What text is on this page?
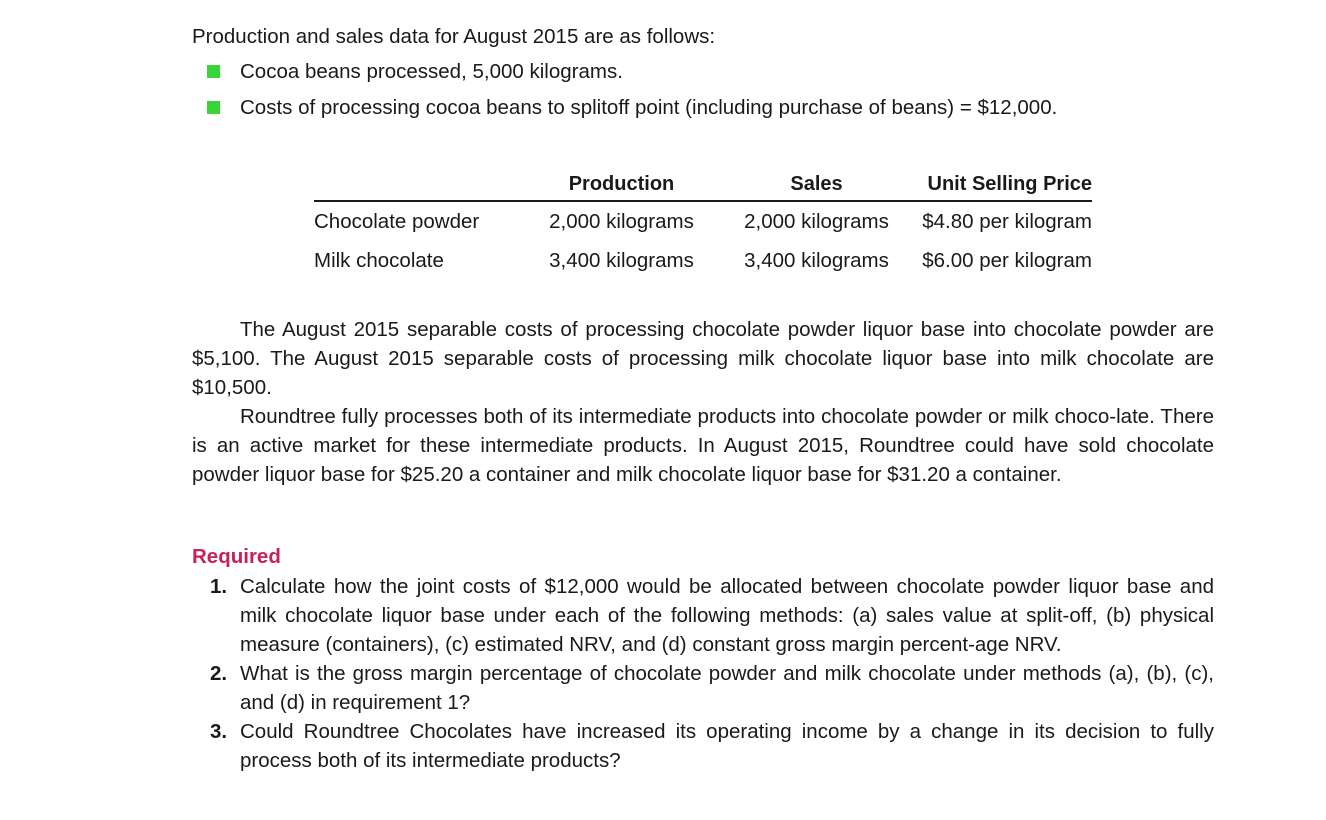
Production and sales data for August 2015 are as follows:

Cocoa beans processed, 5,000 kilograms.
Costs of processing cocoa beans to splitoff point (including purchase of beans) = $12,000.
	Production	Sales	Unit Selling Price

Chocolate powder	2,000 kilograms	2,000 kilograms	$4.80 per kilogram
Milk chocolate	3,400 kilograms	3,400 kilograms	$6.00 per kilogram

The August 2015 separable costs of processing chocolate powder liquor base into chocolate powder are $5,100. The August 2015 separable costs of processing milk chocolate liquor base into milk chocolate are $10,500.

Roundtree fully processes both of its intermediate products into chocolate powder or milk choco-late. There is an active market for these intermediate products. In August 2015, Roundtree could have sold chocolate powder liquor base for $25.20 a container and milk chocolate liquor base for $31.20 a container.

Required
1. Calculate how the joint costs of $12,000 would be allocated between chocolate powder liquor base and milk chocolate liquor base under each of the following methods: (a) sales value at split-off, (b) physical measure (containers), (c) estimated NRV, and (d) constant gross margin percent-age NRV.
2. What is the gross margin percentage of chocolate powder and milk chocolate under methods (a), (b), (c), and (d) in requirement 1?
3. Could Roundtree Chocolates have increased its operating income by a change in its decision to fully process both of its intermediate products?
